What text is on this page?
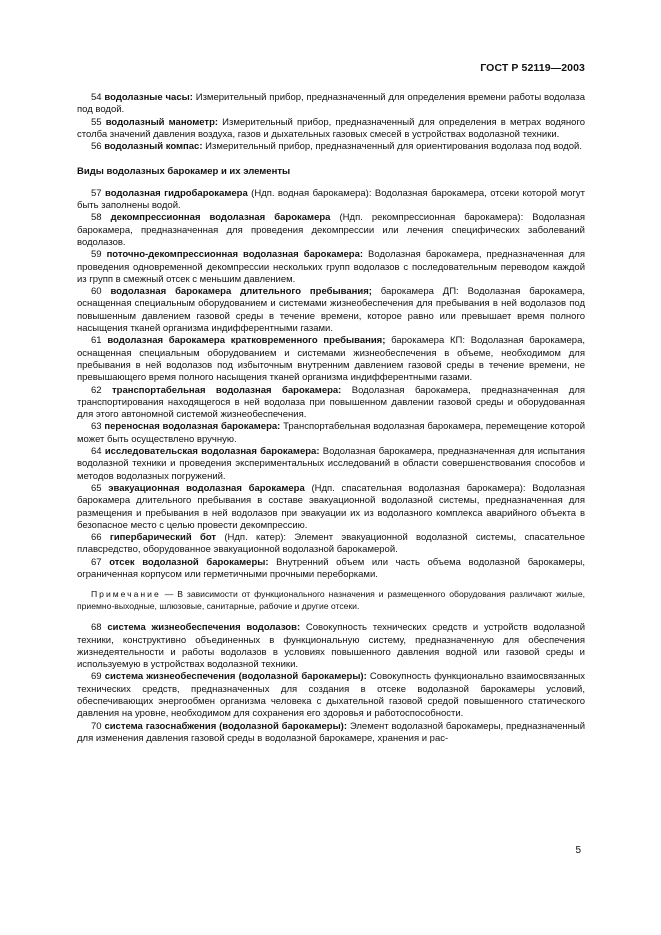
ГОСТ Р 52119—2003

54 водолазные часы: Измерительный прибор, предназначенный для определения времени работы водолаза под водой.

55 водолазный манометр: Измерительный прибор, предназначенный для определения в метрах водяного столба значений давления воздуха, газов и дыхательных газовых смесей в устройствах водолазной техники.

56 водолазный компас: Измерительный прибор, предназначенный для ориентирования водолаза под водой.

Виды водолазных барокамер и их элементы

57 водолазная гидробарокамера (Ндп. водная барокамера): Водолазная барокамера, отсеки которой могут быть заполнены водой.

58 декомпрессионная водолазная барокамера (Ндп. рекомпрессионная барокамера): Водолазная барокамера, предназначенная для проведения декомпрессии или лечения специфических заболеваний водолазов.

59 поточно-декомпрессионная водолазная барокамера: Водолазная барокамера, предназначенная для проведения одновременной декомпрессии нескольких групп водолазов с последовательным переводом каждой из групп в смежный отсек с меньшим давлением.

60 водолазная барокамера длительного пребывания; барокамера ДП: Водолазная барокамера, оснащенная специальным оборудованием и системами жизнеобеспечения для пребывания в ней водолазов под повышенным давлением газовой среды в течение времени, которое равно или превышает время полного насыщения тканей организма индифферентными газами.

61 водолазная барокамера кратковременного пребывания; барокамера КП: Водолазная барокамера, оснащенная специальным оборудованием и системами жизнеобеспечения в объеме, необходимом для пребывания в ней водолазов под избыточным внутренним давлением газовой среды в течение времени, не превышающего время полного насыщения тканей организма индифферентными газами.

62 транспортабельная водолазная барокамера: Водолазная барокамера, предназначенная для транспортирования находящегося в ней водолаза при повышенном давлении газовой среды и оборудованная для этого автономной системой жизнеобеспечения.

63 переносная водолазная барокамера: Транспортабельная водолазная барокамера, перемещение которой может быть осуществлено вручную.

64 исследовательская водолазная барокамера: Водолазная барокамера, предназначенная для испытания водолазной техники и проведения экспериментальных исследований в области совершенствования способов и методов водолазных погружений.

65 эвакуационная водолазная барокамера (Ндп. спасательная водолазная барокамера): Водолазная барокамера длительного пребывания в составе эвакуационной водолазной системы, предназначенная для размещения и пребывания в ней водолазов при эвакуации их из водолазного комплекса аварийного объекта в безопасное место с целью провести декомпрессию.

66 гипербарический бот (Ндп. катер): Элемент эвакуационной водолазной системы, спасательное плавсредство, оборудованное эвакуационной водолазной барокамерой.

67 отсек водолазной барокамеры: Внутренний объем или часть объема водолазной барокамеры, ограниченная корпусом или герметичными прочными переборками.

Примечание — В зависимости от функционального назначения и размещенного оборудования различают жилые, приемно-выходные, шлюзовые, санитарные, рабочие и другие отсеки.

68 система жизнеобеспечения водолазов: Совокупность технических средств и устройств водолазной техники, конструктивно объединенных в функциональную систему, предназначенную для обеспечения жизнедеятельности и работы водолазов в условиях повышенного давления водной или газовой среды и используемую в устройствах водолазной техники.

69 система жизнеобеспечения (водолазной барокамеры): Совокупность функционально взаимосвязанных технических средств, предназначенных для создания в отсеке водолазной барокамеры условий, обеспечивающих энергообмен организма человека с дыхательной газовой средой повышенного статического давления на уровне, необходимом для сохранения его здоровья и работоспособности.

70 система газоснабжения (водолазной барокамеры): Элемент водолазной барокамеры, предназначенный для изменения давления газовой среды в водолазной барокамере, хранения и рас-

5
